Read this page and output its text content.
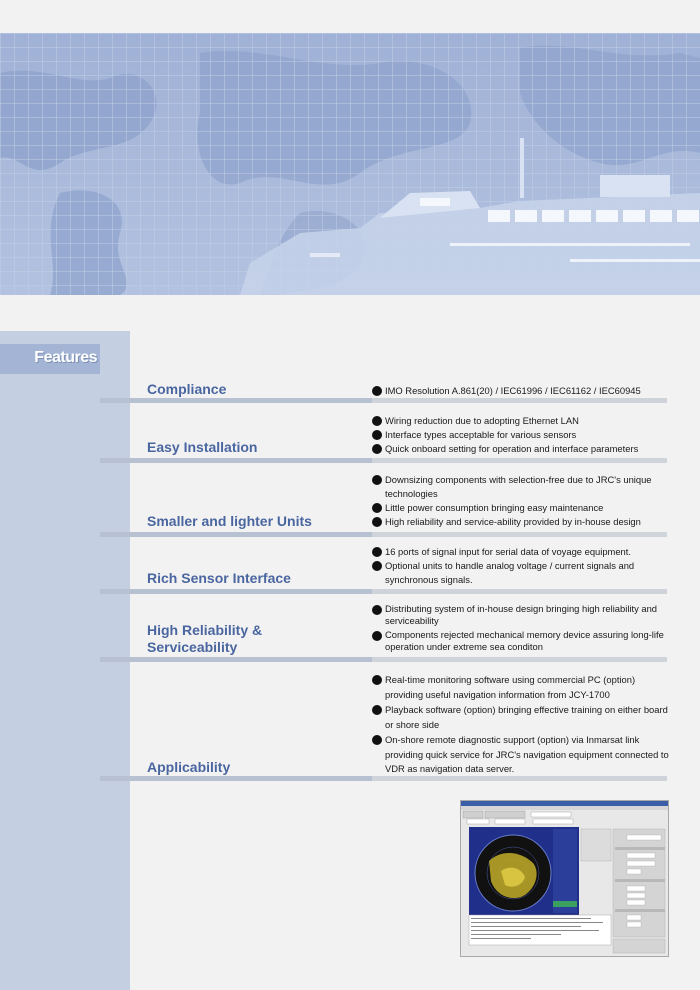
Features
Compliance	IMO Resolution A.861(20) / IEC61996 / IEC61162 / IEC60945
Easy Installation
Wiring reduction due to adopting Ethernet LAN
Interface types acceptable for various sensors
Quick onboard setting for operation and interface parameters
Smaller and lighter Units
Downsizing components with selection-free due to JRC's unique technologies
Little power consumption bringing easy maintenance
High reliability and service-ability provided by in-house design
Rich Sensor Interface
16 ports of signal input for serial data of voyage equipment.
Optional units to handle analog voltage / current signals and synchronous signals.
High Reliability & Serviceability
Distributing system of in-house design bringing high reliability and serviceability
Components rejected mechanical memory device assuring long-life operation under extreme sea conditon
Applicability
Real-time monitoring software using commercial PC (option) providing useful navigation information from JCY-1700
Playback software (option) bringing effective training on either board or shore side
On-shore remote diagnostic support (option) via Inmarsat link providing quick service for JRC's navigation equipment connected to VDR as navigation data server.
